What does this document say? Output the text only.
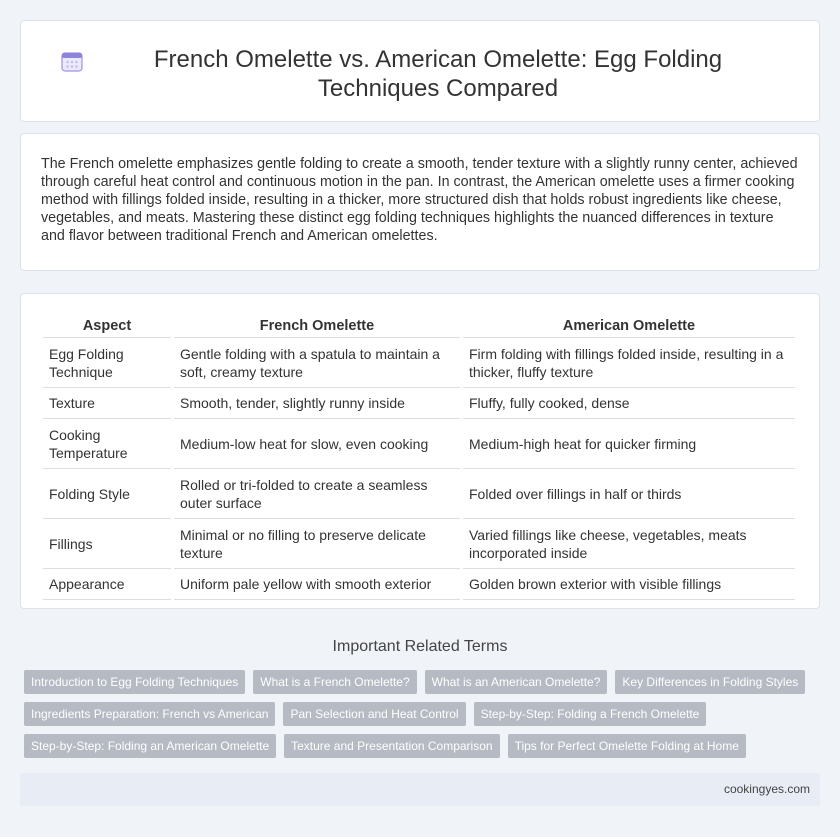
French Omelette vs. American Omelette: Egg Folding Techniques Compared

The French omelette emphasizes gentle folding to create a smooth, tender texture with a slightly runny center, achieved through careful heat control and continuous motion in the pan. In contrast, the American omelette uses a firmer cooking method with fillings folded inside, resulting in a thicker, more structured dish that holds robust ingredients like cheese, vegetables, and meats. Mastering these distinct egg folding techniques highlights the nuanced differences in texture and flavor between traditional French and American omelettes.

Aspect	French Omelette	American Omelette
Egg Folding Technique	Gentle folding with a spatula to maintain a soft, creamy texture	Firm folding with fillings folded inside, resulting in a thicker, fluffy texture
Texture	Smooth, tender, slightly runny inside	Fluffy, fully cooked, dense
Cooking Temperature	Medium-low heat for slow, even cooking	Medium-high heat for quicker firming
Folding Style	Rolled or tri-folded to create a seamless outer surface	Folded over fillings in half or thirds
Fillings	Minimal or no filling to preserve delicate texture	Varied fillings like cheese, vegetables, meats incorporated inside
Appearance	Uniform pale yellow with smooth exterior	Golden brown exterior with visible fillings
Important Related Terms
Introduction to Egg Folding Techniques	What is a French Omelette?	What is an American Omelette?	Key Differences in Folding Styles
Ingredients Preparation: French vs American	Pan Selection and Heat Control	Step-by-Step: Folding a French Omelette
Step-by-Step: Folding an American Omelette	Texture and Presentation Comparison	Tips for Perfect Omelette Folding at Home
cookingyes.com
